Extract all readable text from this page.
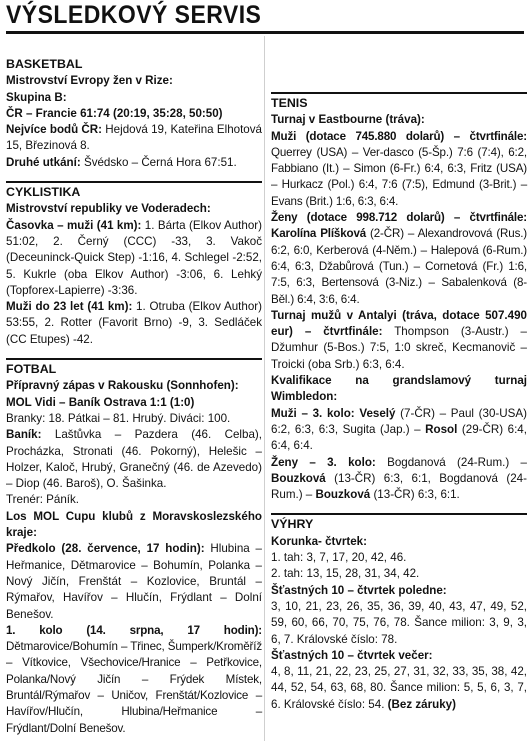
VÝSLEDKOVÝ SERVIS
BASKETBAL

Mistrovství Evropy žen v Rize:

Skupina B:

ČR – Francie 61:74 (20:19, 35:28, 50:50)

Nejvíce bodů ČR: Hejdová 19, Kateřina Elhotová 15, Březinová 8.

Druhé utkání: Švédsko – Černá Hora 67:51.

CYKLISTIKA

Mistrovství republiky ve Voderadech:

Časovka – muži (41 km): 1. Bárta (Elkov Author) 51:02, 2. Černý (CCC) -33, 3. Vakoč (Deceuninck-Quick Step) -1:16, 4. Schlegel -2:52, 5. Kukrle (oba Elkov Author) -3:06, 6. Lehký (Topforex-Lapierre) -3:36.

Muži do 23 let (41 km): 1. Otruba (Elkov Author) 53:55, 2. Rotter (Favorit Brno) -9, 3. Sedláček (CC Etupes) -42.

FOTBAL

Přípravný zápas v Rakousku (Sonnhofen):

MOL Vidi – Baník Ostrava 1:1 (1:0)

Branky: 18. Pátkai – 81. Hrubý. Diváci: 100.

Baník: Laštůvka – Pazdera (46. Celba), Procházka, Stronati (46. Pokorný), Helešic – Holzer, Kaloč, Hrubý, Granečný (46. de Azevedo) – Diop (46. Baroš), O. Šašinka.

Trenér: Páník.

Los MOL Cupu klubů z Moravskoslezského kraje:

Předkolo (28. července, 17 hodin): Hlubina – Heřmanice, Dětmarovice – Bohumín, Polanka – Nový Jičín, Frenštát – Kozlovice, Bruntál – Rýmařov, Havířov – Hlučín, Frýdlant – Dolní Benešov.

1. kolo (14. srpna, 17 hodin): Dětmarovice/Bohumín – Třinec, Šumperk/Kroměříž – Vítkovice, Všechovice/Hranice – Petřkovice, Polanka/Nový Jičín – Frýdek Místek, Bruntál/Rýmařov – Uničov, Frenštát/Kozlovice – Havířov/Hlučín, Hlubina/Heřmanice – Frýdlant/Dolní Benešov.

TENIS

Turnaj v Eastbourne (tráva):

Muži (dotace 745.880 dolarů) – čtvrtfinále: Querrey (USA) – Ver-dasco (5-Šp.) 7:6 (7:4), 6:2, Fabbiano (It.) – Simon (6-Fr.) 6:4, 6:3, Fritz (USA) – Hurkacz (Pol.) 6:4, 7:6 (7:5), Edmund (3-Brit.) – Evans (Brit.) 1:6, 6:3, 6:4.

Ženy (dotace 998.712 dolarů) – čtvrtfinále: Karolína Plíšková (2-ČR) – Alexandrovová (Rus.) 6:2, 6:0, Kerberová (4-Něm.) – Halepová (6-Rum.) 6:4, 6:3, Džabůrová (Tun.) – Cornetová (Fr.) 1:6, 7:5, 6:3, Bertensová (3-Niz.) – Sabalenková (8-Běl.) 6:4, 3:6, 6:4.

Turnaj mužů v Antalyi (tráva, dotace 507.490 eur) – čtvrtfinále: Thompson (3-Austr.) – Džumhur (5-Bos.) 7:5, 1:0 skreč, Kecmanovič – Troicki (oba Srb.) 6:3, 6:4.

Kvalifikace na grandslamový turnaj Wimbledon:

Muži – 3. kolo: Veselý (7-ČR) – Paul (30-USA) 6:2, 6:3, 6:3, Sugita (Jap.) – Rosol (29-ČR) 6:4, 6:4, 6:4.

Ženy – 3. kolo: Bogdanová (24-Rum.) – Bouzková (13-ČR) 6:3, 6:1, Bogdanová (24-Rum.) – Bouzková (13-ČR) 6:3, 6:1.

VÝHRY

Korunka- čtvrtek:

1. tah: 3, 7, 17, 20, 42, 46.

2. tah: 13, 15, 28, 31, 34, 42.

Šťastných 10 – čtvrtek poledne:

3, 10, 21, 23, 26, 35, 36, 39, 40, 43, 47, 49, 52, 59, 60, 66, 70, 75, 76, 78. Šance milion: 3, 9, 3, 6, 7. Královské číslo: 78.

Šťastných 10 – čtvrtek večer:

4, 8, 11, 21, 22, 23, 25, 27, 31, 32, 33, 35, 38, 42, 44, 52, 54, 63, 68, 80. Šance milion: 5, 5, 6, 3, 7, 6. Královské číslo: 54. (Bez záruky)
